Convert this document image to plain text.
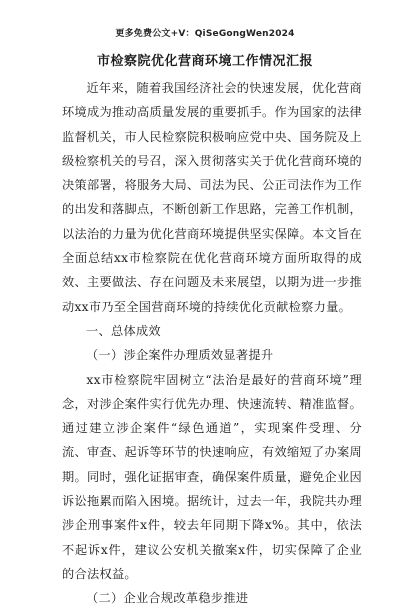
更多免费公文+V：QiSeGongWen2024
市检察院优化营商环境工作情况汇报

近年来，随着我国经济社会的快速发展，优化营商环境成为推动高质量发展的重要抓手。作为国家的法律监督机关，市人民检察院积极响应党中央、国务院及上级检察机关的号召，深入贯彻落实关于优化营商环境的决策部署，将服务大局、司法为民、公正司法作为工作的出发和落脚点，不断创新工作思路，完善工作机制，以法治的力量为优化营商环境提供坚实保障。本文旨在全面总结xx市检察院在优化营商环境方面所取得的成效、主要做法、存在问题及未来展望，以期为进一步推动xx市乃至全国营商环境的持续优化贡献检察力量。

一、总体成效

（一）涉企案件办理质效显著提升

xx市检察院牢固树立“法治是最好的营商环境”理念，对涉企案件实行优先办理、快速流转、精准监督。通过建立涉企案件“绿色通道”，实现案件受理、分流、审查、起诉等环节的快速响应，有效缩短了办案周期。同时，强化证据审查，确保案件质量，避免企业因诉讼拖累而陷入困境。据统计，过去一年，我院共办理涉企刑事案件x件，较去年同期下降x%。其中，依法不起诉x件，建议公安机关撤案x件，切实保障了企业的合法权益。

（二）企业合规改革稳步推进
